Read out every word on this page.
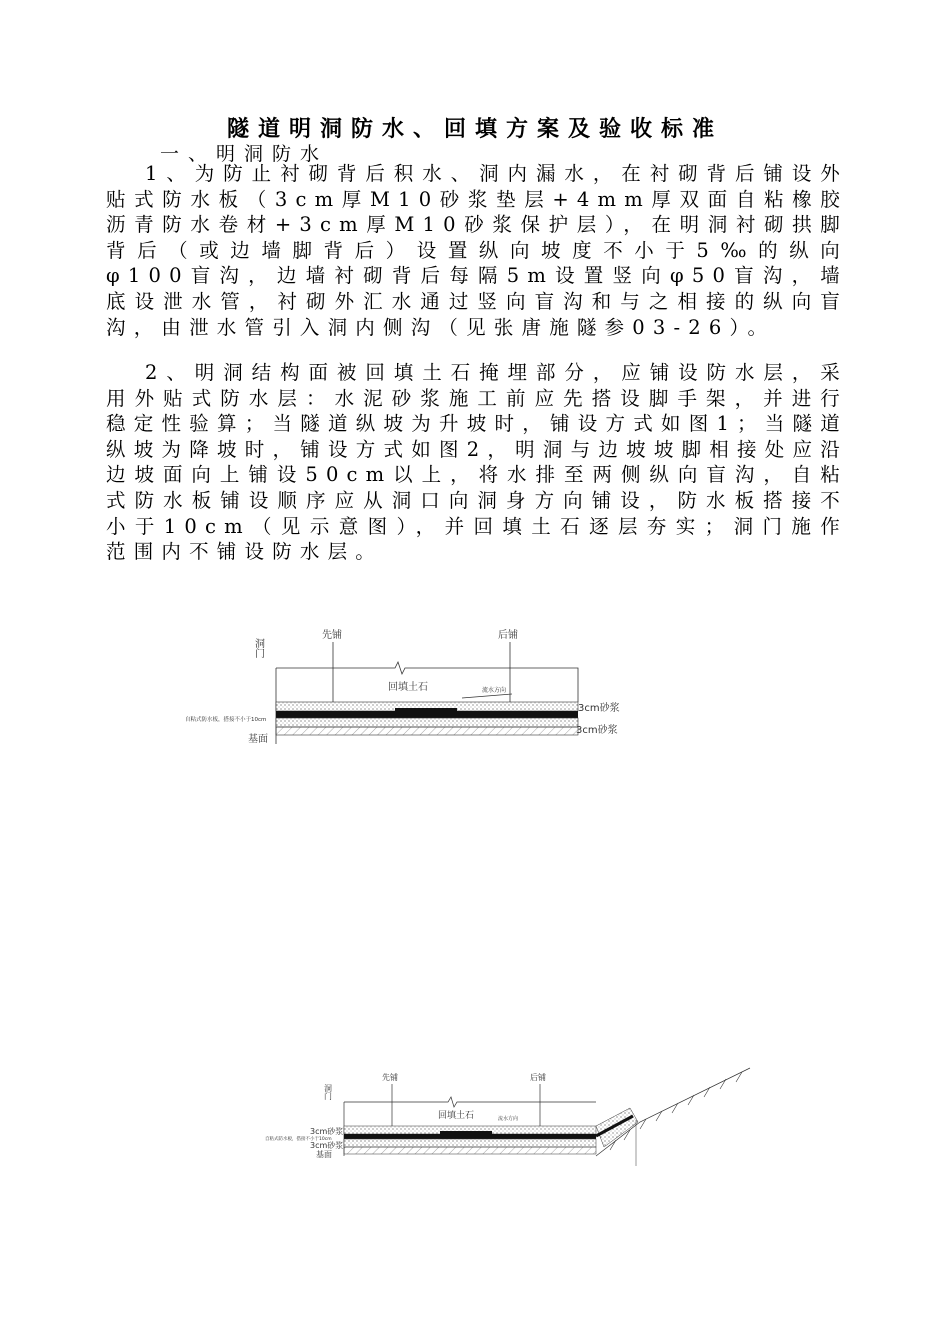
隧道明洞防水、回填方案及验收标准
一、明洞防水
1、为防止衬砌背后积水、洞内漏水，在衬砌背后铺设外贴式防水板（3cm厚M10砂浆垫层+4mm厚双面自粘橡胶沥青防水卷材+3cm厚M10砂浆保护层），在明洞衬砌拱脚背后（或边墙脚背后）设置纵向坡度不小于5‰的纵向φ100盲沟，边墙衬砌背后每隔5m设置竖向φ50盲沟，墙底设泄水管，衬砌外汇水通过竖向盲沟和与之相接的纵向盲沟，由泄水管引入洞内侧沟（见张唐施隧参03-26）。
2、明洞结构面被回填土石掩埋部分，应铺设防水层，采用外贴式防水层：水泥砂浆施工前应先搭设脚手架，并进行稳定性验算；当隧道纵坡为升坡时，铺设方式如图1；当隧道纵坡为降坡时，铺设方式如图2，明洞与边坡坡脚相接处应沿边坡面向上铺设50cm以上，将水排至两侧纵向盲沟，自粘式防水板铺设顺序应从洞口向洞身方向铺设，防水板搭接不小于10cm（见示意图），并回填土石逐层夯实；洞门施作范围内不铺设防水层。
洞门
先铺	后铺
回填土石	流水方向
3cm砂浆
3cm砂浆
自粘式防水板，搭接不小于10cm
基面
洞门
先铺	后铺
回填土石	流水方向
3cm砂浆
自粘式防水板，搭接不小于10cm
3cm砂浆
基面
